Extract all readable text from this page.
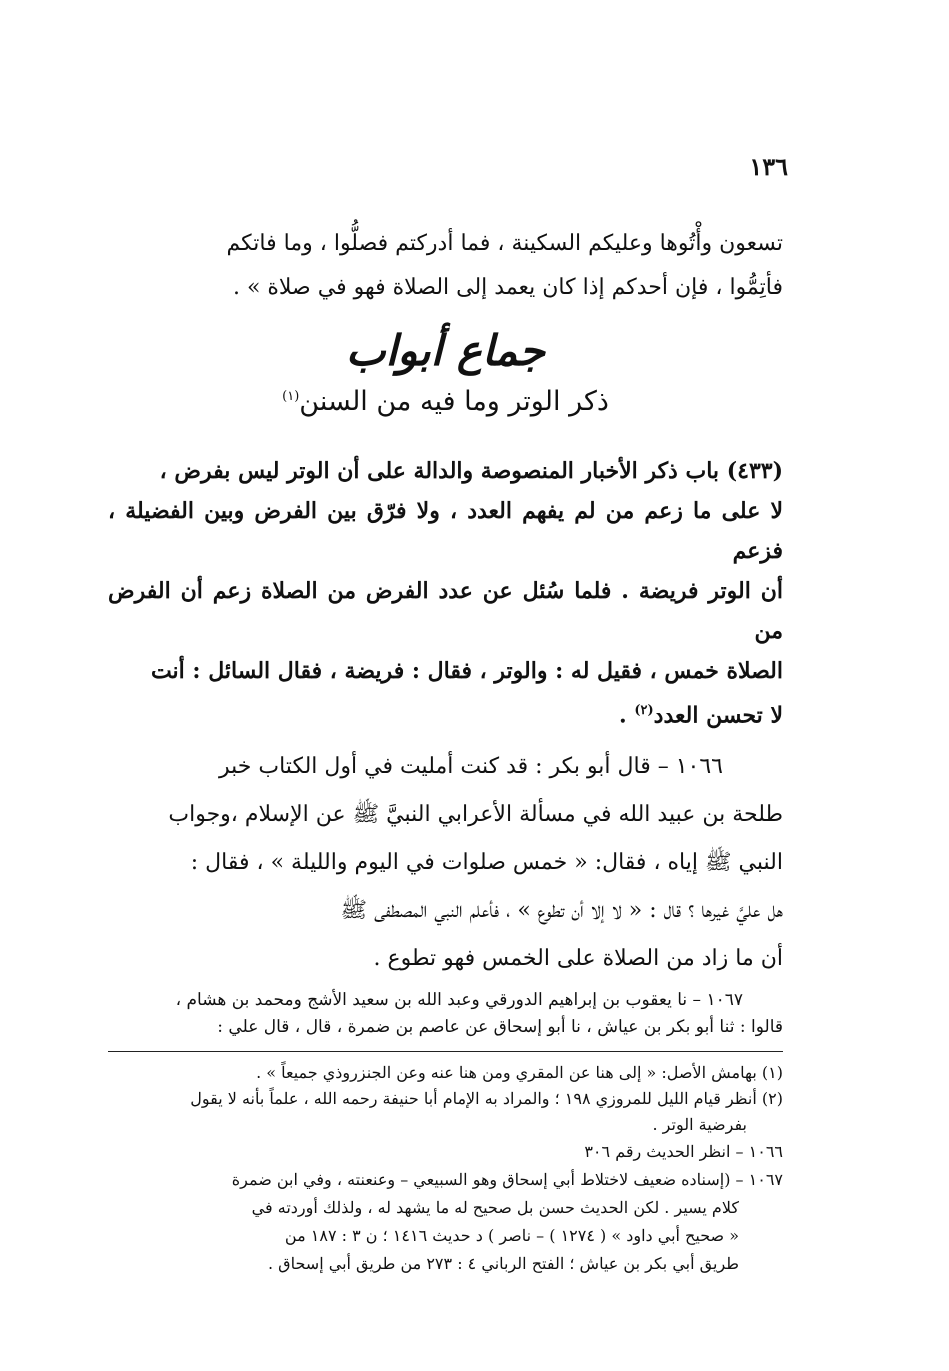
١٣٦
تسعون وأْتُوها وعليكم السكينة ، فما أدركتم فصلُّوا ، وما فاتكم
فأتِمُّوا ، فإن أحدكم إذا كان يعمد إلى الصلاة فهو في صلاة » .
جماع أبواب
ذكر الوتر وما فيه من السنن$^{(١)}$
(٤٣٣) باب ذكر الأخبار المنصوصة والدالة على أن الوتر ليس بفرض ،
لا على ما زعم من لم يفهم العدد ، ولا فرّق بين الفرض وبين الفضيلة ، فزعم
أن الوتر فريضة . فلما سُئل عن عدد الفرض من الصلاة زعم أن الفرض من
الصلاة خمس ، فقيل له : والوتر ، فقال : فريضة ، فقال السائل : أنت
لا تحسن العدد$^{(٢)}$ .
١٠٦٦ – قال أبو بكر : قد كنت أمليت في أول الكتاب خبر
طلحة بن عبيد الله في مسألة الأعرابي النبيَّ ﷺ عن الإسلام ،وجواب
النبي ﷺ إياه ، فقال: « خمس صلوات في اليوم والليلة » ، فقال :
هل عليَّ غيرها ؟ قال : « لا إلا أن تطوع » ، فأعلم النبي المصطفى ﷺ
أن ما زاد من الصلاة على الخمس فهو تطوع .
١٠٦٧ – نا يعقوب بن إبراهيم الدورقي وعبد الله بن سعيد الأشج ومحمد بن هشام ،
قالوا : ثنا أبو بكر بن عياش ، نا أبو إسحاق عن عاصم بن ضمرة ، قال ، قال علي :
(١) بهامش الأصل: « إلى هنا عن المقري ومن هنا عنه وعن الجنزروذي جميعاً » .
(٢) أنظر قيام الليل للمروزي ١٩٨ ؛ والمراد به الإمام أبا حنيفة رحمه الله ، علماً بأنه لا يقول
بفرضية الوتر .
١٠٦٦ – انظر الحديث رقم ٣٠٦
١٠٦٧ – (إسناده ضعيف لاختلاط أبي إسحاق وهو السبيعي – وعنعنته ، وفي ابن ضمرة
كلام يسير . لكن الحديث حسن بل صحيح له ما يشهد له ، ولذلك أوردته في
« صحيح أبي داود » ( ١٢٧٤ ) – ناصر ) د حديث ١٤١٦ ؛ ن ٣ : ١٨٧ من
طريق أبي بكر بن عياش ؛ الفتح الرباني ٤ : ٢٧٣ من طريق أبي إسحاق .
